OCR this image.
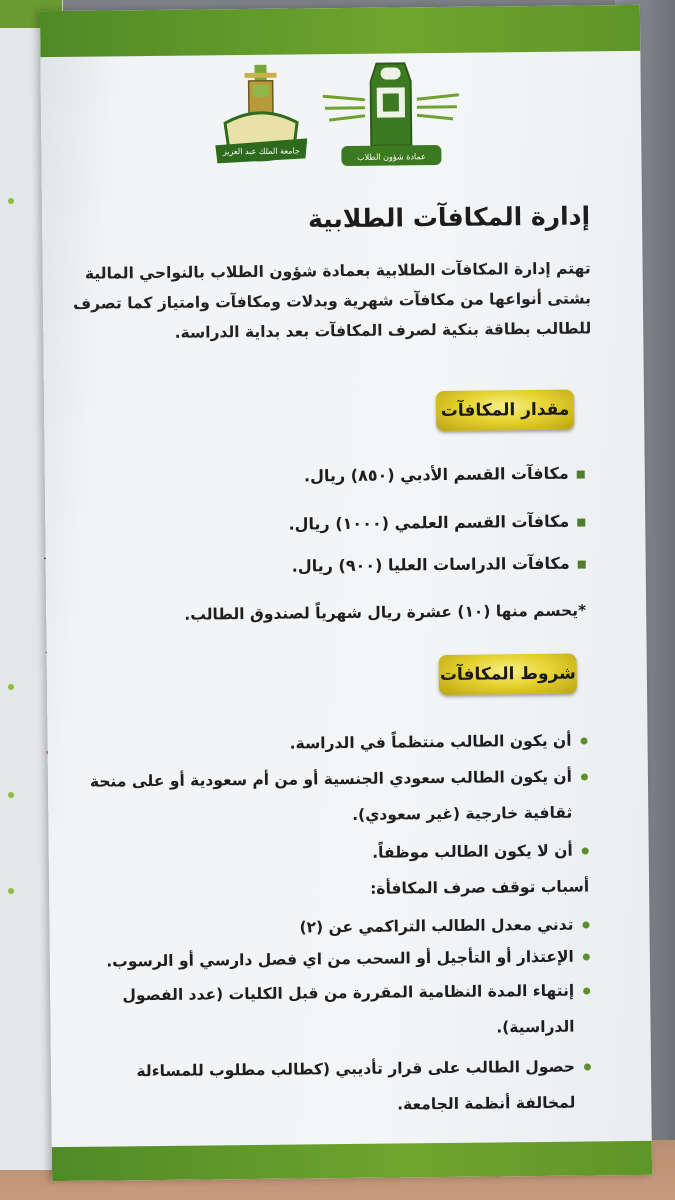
جامعة الملك عبد العزيز
عمادة شؤون الطلاب
إدارة المكافآت الطلابية
تهتم إدارة المكافآت الطلابية بعمادة شؤون الطلاب بالنواحي المالية بشتى أنواعها من مكافآت شهرية وبدلات ومكافآت وامتياز كما تصرف للطالب بطاقة بنكية لصرف المكافآت بعد بداية الدراسة.
مقدار المكافآت
مكافآت القسم الأدبي (٨٥٠) ريال.
مكافآت القسم العلمي (١٠٠٠) ريال.
مكافآت الدراسات العليا (٩٠٠) ريال.
*يحسم منها (١٠) عشرة ريال شهرياً لصندوق الطالب.
شروط المكافآت
أن يكون الطالب منتظماً في الدراسة.
أن يكون الطالب سعودي الجنسية أو من أم سعودية أو على منحة
ثقافية خارجية (غير سعودي).
أن لا يكون الطالب موظفاً.
أسباب توقف صرف المكافأة:
تدني معدل الطالب التراكمي عن (٢)
الإعتذار أو التأجيل أو السحب من اي فصل دارسي أو الرسوب.
إنتهاء المدة النظامية المقررة من قبل الكليات (عدد الفصول
الدراسية).
حصول الطالب على قرار تأديبي (كطالب مطلوب للمساءلة
لمخالفة أنظمة الجامعة.
